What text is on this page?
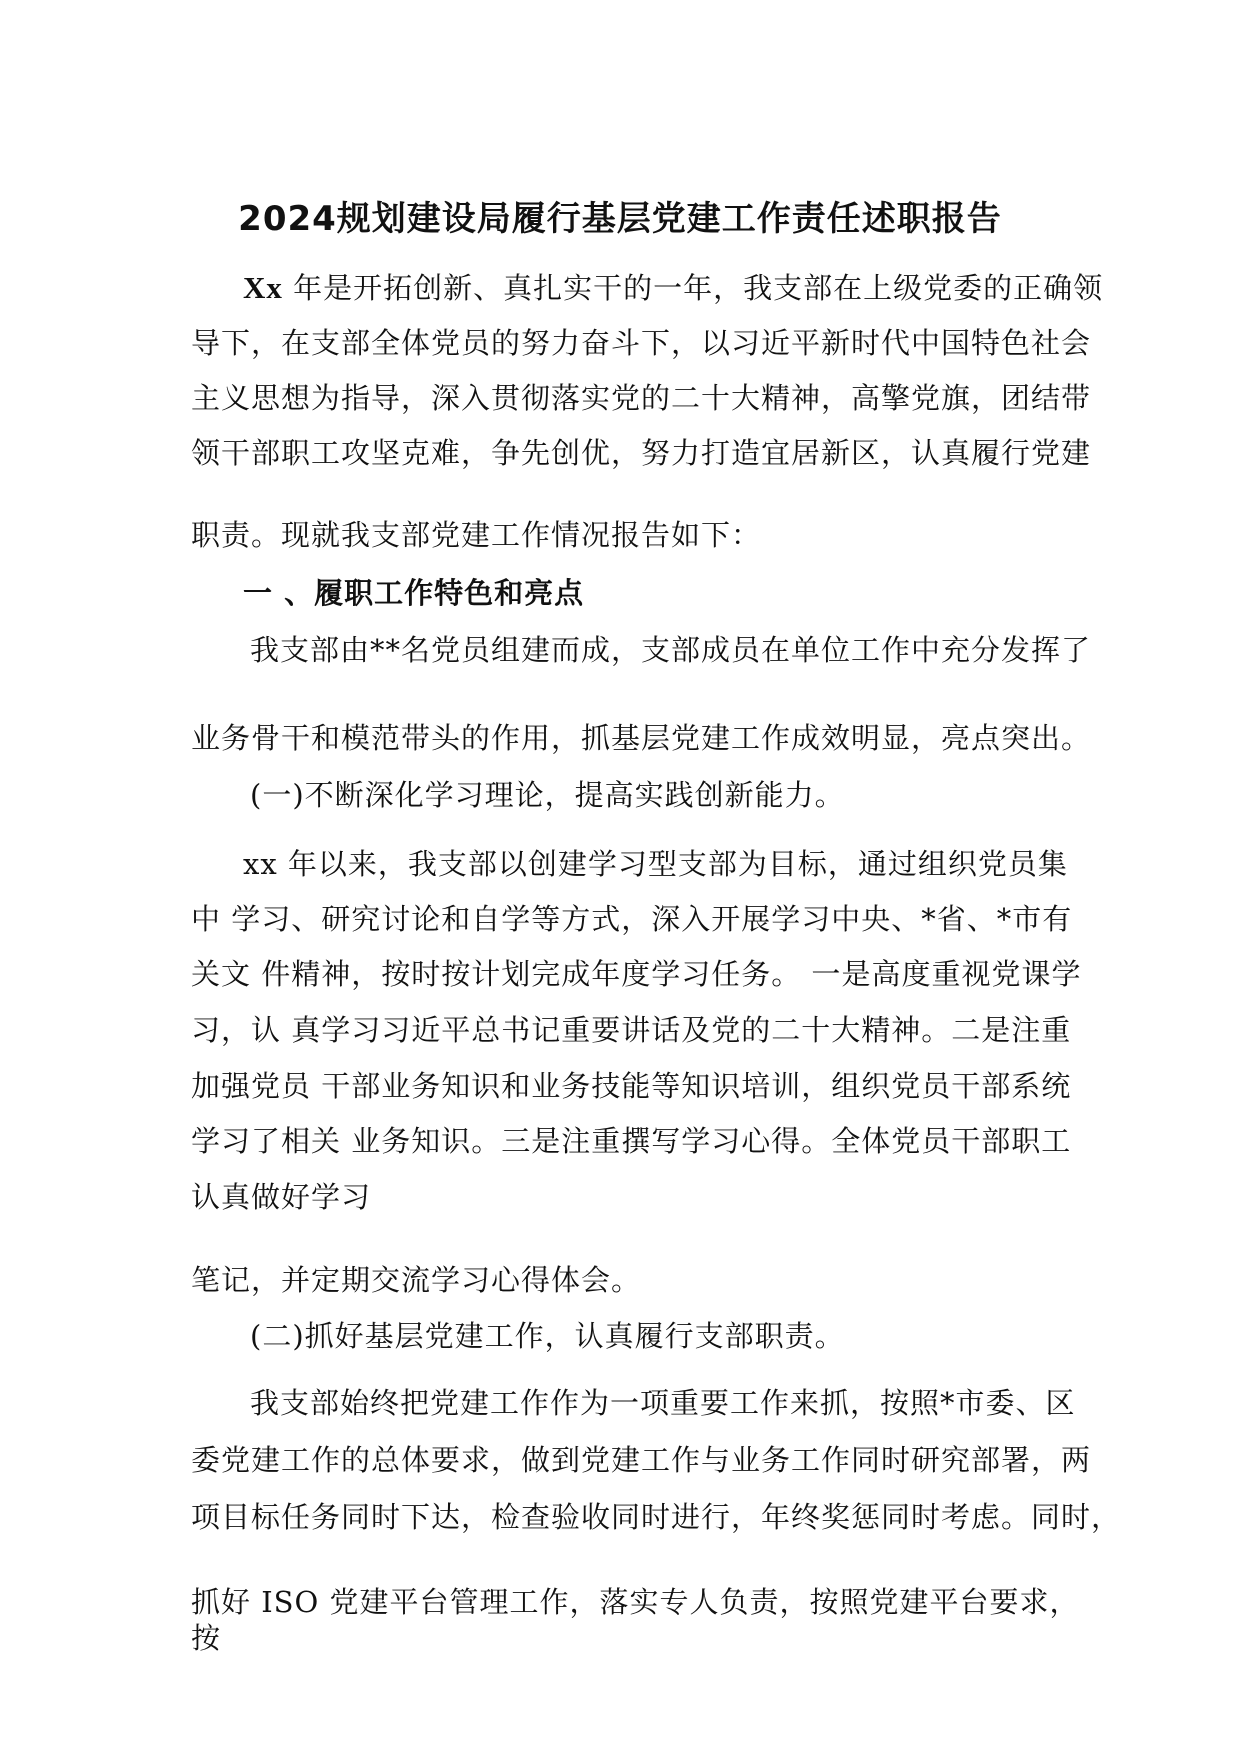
2024规划建设局履行基层党建工作责任述职报告
Xx 年是开拓创新、真扎实干的一年，我支部在上级党委的正确领
导下，在支部全体党员的努力奋斗下，以习近平新时代中国特色社会
主义思想为指导，深入贯彻落实党的二十大精神，高擎党旗，团结带
领干部职工攻坚克难，争先创优，努力打造宜居新区，认真履行党建
职责。现就我支部党建工作情况报告如下：
一 、履职工作特色和亮点
我支部由**名党员组建而成，支部成员在单位工作中充分发挥了
业务骨干和模范带头的作用，抓基层党建工作成效明显，亮点突出。
(一)不断深化学习理论，提高实践创新能力。
xx 年以来，我支部以创建学习型支部为目标，通过组织党员集
中 学习、研究讨论和自学等方式，深入开展学习中央、*省、*市有
关文 件精神，按时按计划完成年度学习任务。 一是高度重视党课学
习，认 真学习习近平总书记重要讲话及党的二十大精神。二是注重
加强党员 干部业务知识和业务技能等知识培训，组织党员干部系统
学习了相关 业务知识。三是注重撰写学习心得。全体党员干部职工
认真做好学习
笔记，并定期交流学习心得体会。
(二)抓好基层党建工作，认真履行支部职责。
我支部始终把党建工作作为一项重要工作来抓，按照*市委、区
委党建工作的总体要求，做到党建工作与业务工作同时研究部署，两
项目标任务同时下达，检查验收同时进行，年终奖惩同时考虑。同时，
抓好 ISO 党建平台管理工作，落实专人负责，按照党建平台要求，
按
